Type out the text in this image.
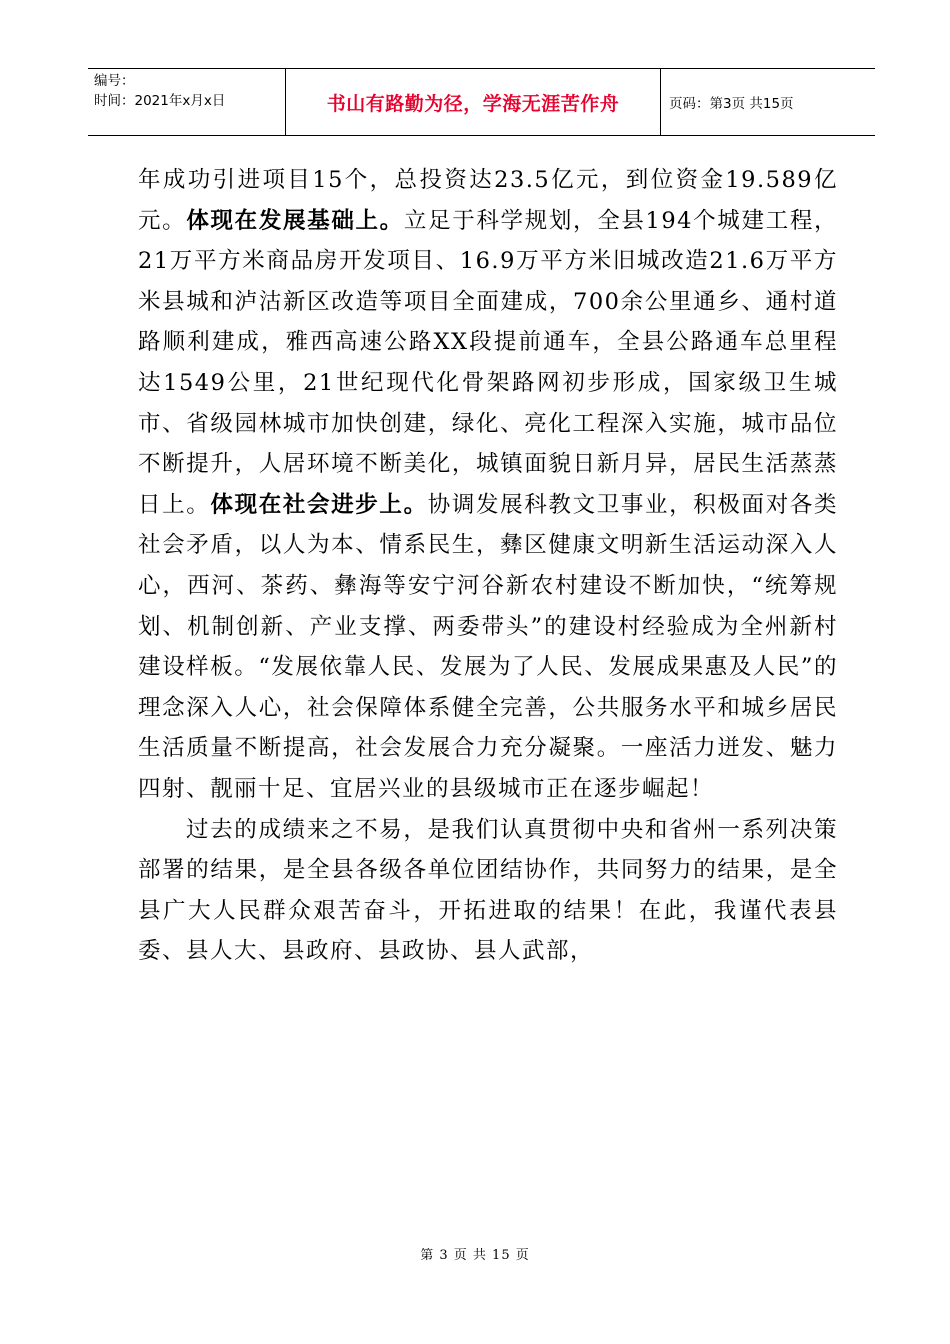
编号：
时间：2021年x月x日	书山有路勤为径，学海无涯苦作舟	页码：第3页 共15页

年成功引进项目15个，总投资达23.5亿元，到位资金19.589亿元。体现在发展基础上。立足于科学规划，全县194个城建工程，21万平方米商品房开发项目、16.9万平方米旧城改造21.6万平方米县城和泸沽新区改造等项目全面建成，700余公里通乡、通村道路顺利建成，雅西高速公路XX段提前通车，全县公路通车总里程达1549公里，21世纪现代化骨架路网初步形成，国家级卫生城市、省级园林城市加快创建，绿化、亮化工程深入实施，城市品位不断提升，人居环境不断美化，城镇面貌日新月异，居民生活蒸蒸日上。体现在社会进步上。协调发展科教文卫事业，积极面对各类社会矛盾，以人为本、情系民生，彝区健康文明新生活运动深入人心，西河、茶药、彝海等安宁河谷新农村建设不断加快，“统筹规划、机制创新、产业支撑、两委带头”的建设村经验成为全州新村建设样板。“发展依靠人民、发展为了人民、发展成果惠及人民”的理念深入人心，社会保障体系健全完善，公共服务水平和城乡居民生活质量不断提高，社会发展合力充分凝聚。一座活力迸发、魅力四射、靓丽十足、宜居兴业的县级城市正在逐步崛起！

过去的成绩来之不易，是我们认真贯彻中央和省州一系列决策部署的结果，是全县各级各单位团结协作，共同努力的结果，是全县广大人民群众艰苦奋斗，开拓进取的结果！在此，我谨代表县委、县人大、县政府、县政协、县人武部，

第 3 页 共 15 页
